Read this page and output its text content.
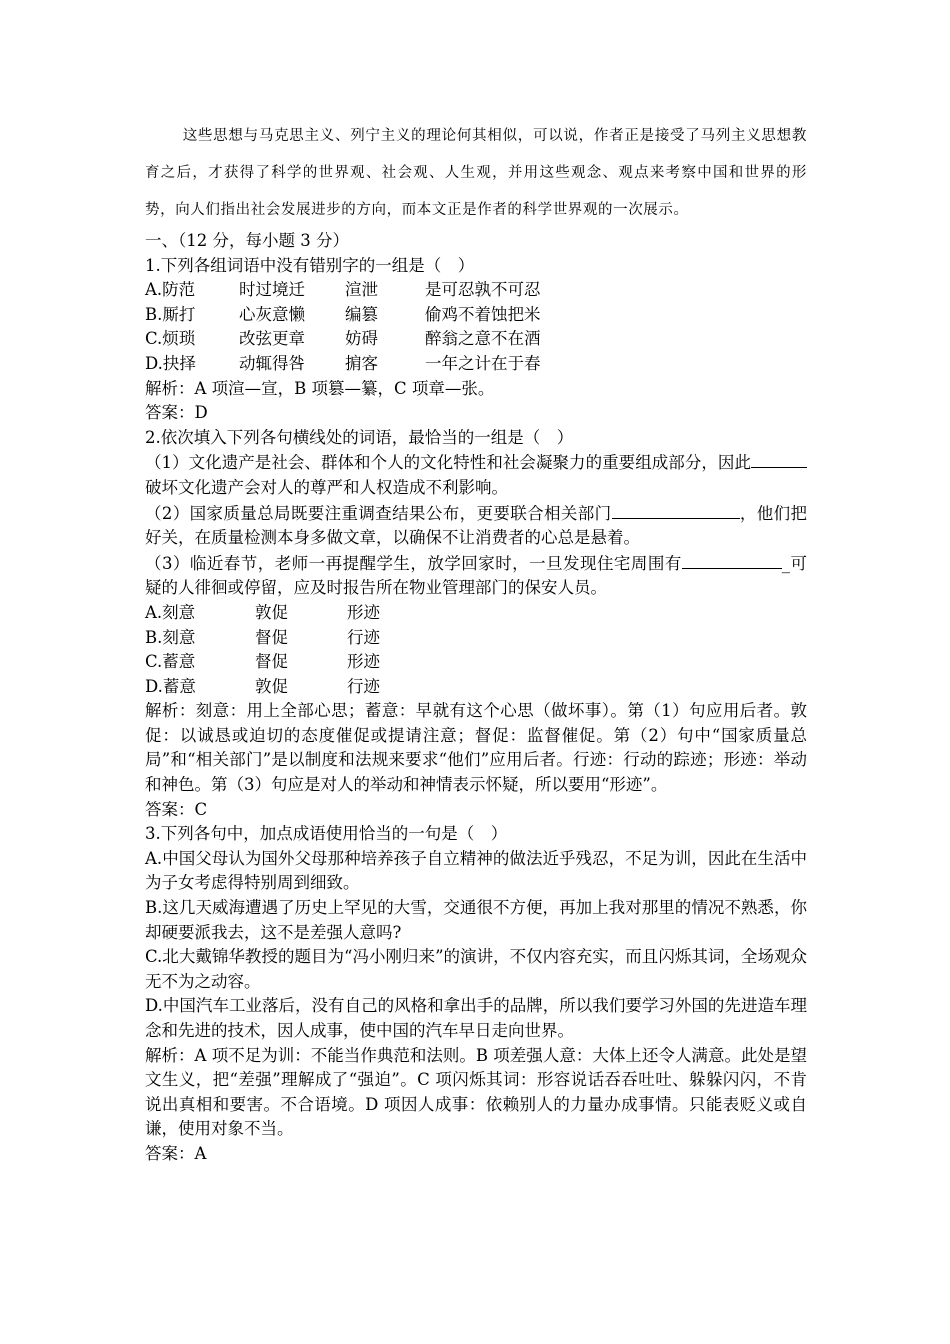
这些思想与马克思主义、列宁主义的理论何其相似，可以说，作者正是接受了马列主义思想教育之后，才获得了科学的世界观、社会观、人生观，并用这些观念、观点来考察中国和世界的形势，向人们指出社会发展进步的方向，而本文正是作者的科学世界观的一次展示。

一、（12 分，每小题 3 分）

1.下列各组词语中没有错别字的一组是（　）

A.防范	时过境迁	渲泄	是可忍孰不可忍
B.厮打	心灰意懒	编篡	偷鸡不着蚀把米
C.烦琐	改弦更章	妨碍	醉翁之意不在酒
D.抉择	动辄得咎	掮客	一年之计在于春

解析：A 项渲—宣，B 项篡—纂，C 项章—张。

答案：D

2.依次填入下列各句横线处的词语，最恰当的一组是（　）

（1）文化遗产是社会、群体和个人的文化特性和社会凝聚力的重要组成部分，因此破坏文化遗产会对人的尊严和人权造成不利影响。

（2）国家质量总局既要注重调查结果公布，更要联合相关部门	，他们把好关，在质量检测本身多做文章，以确保不让消费者的心总是悬着。

（3）临近春节，老师一再提醒学生，放学回家时，一旦发现住宅周围有	_可疑的人徘徊或停留，应及时报告所在物业管理部门的保安人员。

A.刻意	敦促	形迹
B.刻意	督促	行迹
C.蓄意	督促	形迹
D.蓄意	敦促	行迹

解析：刻意：用上全部心思；蓄意：早就有这个心思（做坏事）。第（1）句应用后者。敦促：以诚恳或迫切的态度催促或提请注意；督促：监督催促。第（2）句中“国家质量总局”和“相关部门”是以制度和法规来要求“他们”应用后者。行迹：行动的踪迹；形迹：举动和神色。第（3）句应是对人的举动和神情表示怀疑，所以要用“形迹”。

答案：C

3.下列各句中，加点成语使用恰当的一句是（　）

A.中国父母认为国外父母那种培养孩子自立精神的做法近乎残忍，不足为训，因此在生活中为子女考虑得特别周到细致。

B.这几天威海遭遇了历史上罕见的大雪，交通很不方便，再加上我对那里的情况不熟悉，你却硬要派我去，这不是差强人意吗?

C.北大戴锦华教授的题目为“冯小刚归来”的演讲，不仅内容充实，而且闪烁其词，全场观众无不为之动容。

D.中国汽车工业落后，没有自己的风格和拿出手的品牌，所以我们要学习外国的先进造车理念和先进的技术，因人成事，使中国的汽车早日走向世界。

解析：A 项不足为训：不能当作典范和法则。B 项差强人意：大体上还令人满意。此处是望文生义，把“差强”理解成了“强迫”。C 项闪烁其词：形容说话吞吞吐吐、躲躲闪闪，不肯说出真相和要害。不合语境。D 项因人成事：依赖别人的力量办成事情。只能表贬义或自谦，使用对象不当。

答案：A
